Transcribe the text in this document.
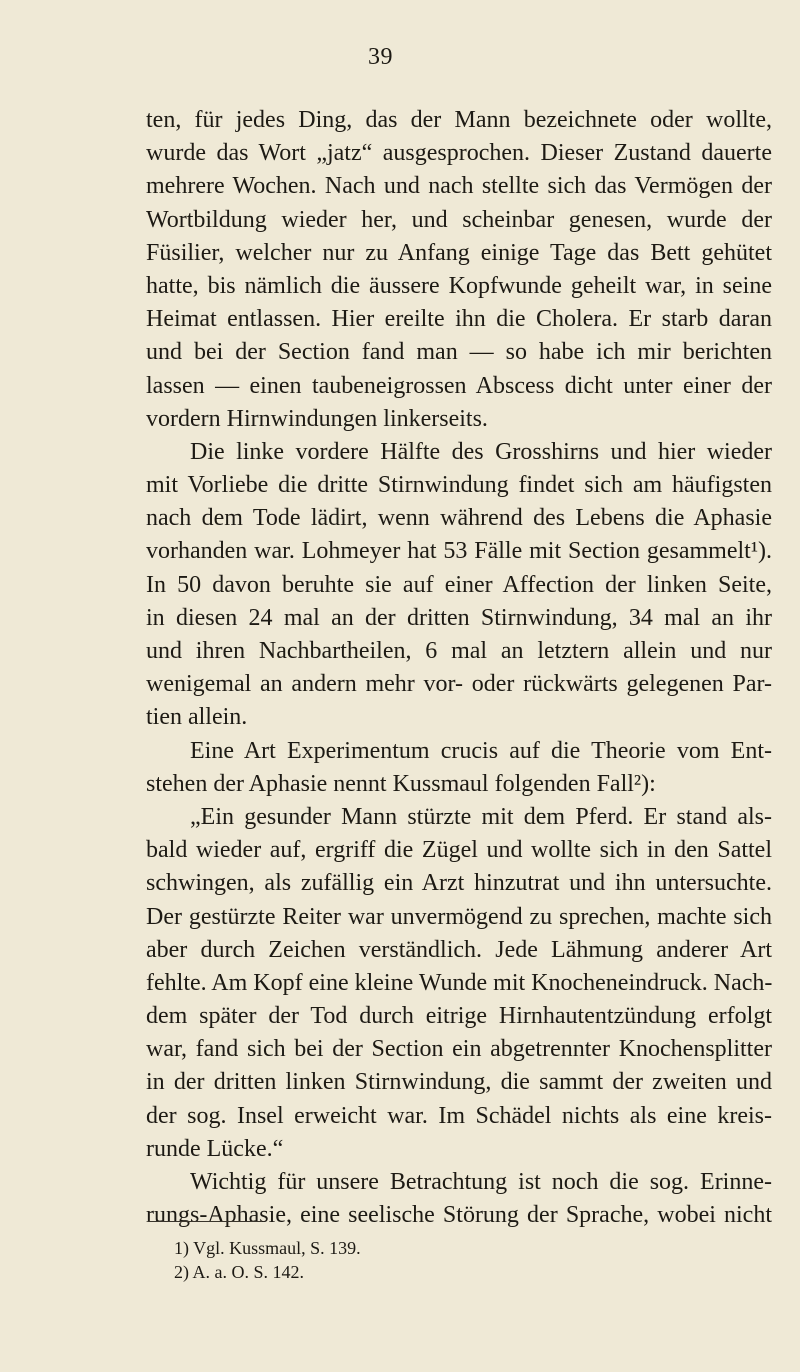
39
ten, für jedes Ding, das der Mann bezeichnete oder wollte,
wurde das Wort „jatz“ ausgesprochen. Dieser Zustand dauerte
mehrere Wochen. Nach und nach stellte sich das Vermögen der
Wortbildung wieder her, und scheinbar genesen, wurde der
Füsilier, welcher nur zu Anfang einige Tage das Bett gehütet
hatte, bis nämlich die äussere Kopfwunde geheilt war, in seine
Heimat entlassen. Hier ereilte ihn die Cholera. Er starb daran
und bei der Section fand man — so habe ich mir berichten
lassen — einen taubeneigrossen Abscess dicht unter einer der
vordern Hirnwindungen linkerseits.
Die linke vordere Hälfte des Grosshirns und hier wieder
mit Vorliebe die dritte Stirnwindung findet sich am häufigsten
nach dem Tode lädirt, wenn während des Lebens die Aphasie
vorhanden war. Lohmeyer hat 53 Fälle mit Section gesammelt¹).
In 50 davon beruhte sie auf einer Affection der linken Seite,
in diesen 24 mal an der dritten Stirnwindung, 34 mal an ihr
und ihren Nachbartheilen, 6 mal an letztern allein und nur
wenigemal an andern mehr vor- oder rückwärts gelegenen Par-
tien allein.
Eine Art Experimentum crucis auf die Theorie vom Ent-
stehen der Aphasie nennt Kussmaul folgenden Fall²):
„Ein gesunder Mann stürzte mit dem Pferd. Er stand als-
bald wieder auf, ergriff die Zügel und wollte sich in den Sattel
schwingen, als zufällig ein Arzt hinzutrat und ihn untersuchte.
Der gestürzte Reiter war unvermögend zu sprechen, machte sich
aber durch Zeichen verständlich. Jede Lähmung anderer Art
fehlte. Am Kopf eine kleine Wunde mit Knocheneindruck. Nach-
dem später der Tod durch eitrige Hirnhautentzündung erfolgt
war, fand sich bei der Section ein abgetrennter Knochensplitter
in der dritten linken Stirnwindung, die sammt der zweiten und
der sog. Insel erweicht war. Im Schädel nichts als eine kreis-
runde Lücke.“
Wichtig für unsere Betrachtung ist noch die sog. Erinne-
rungs-Aphasie, eine seelische Störung der Sprache, wobei nicht
1) Vgl. Kussmaul, S. 139.
2) A. a. O. S. 142.
